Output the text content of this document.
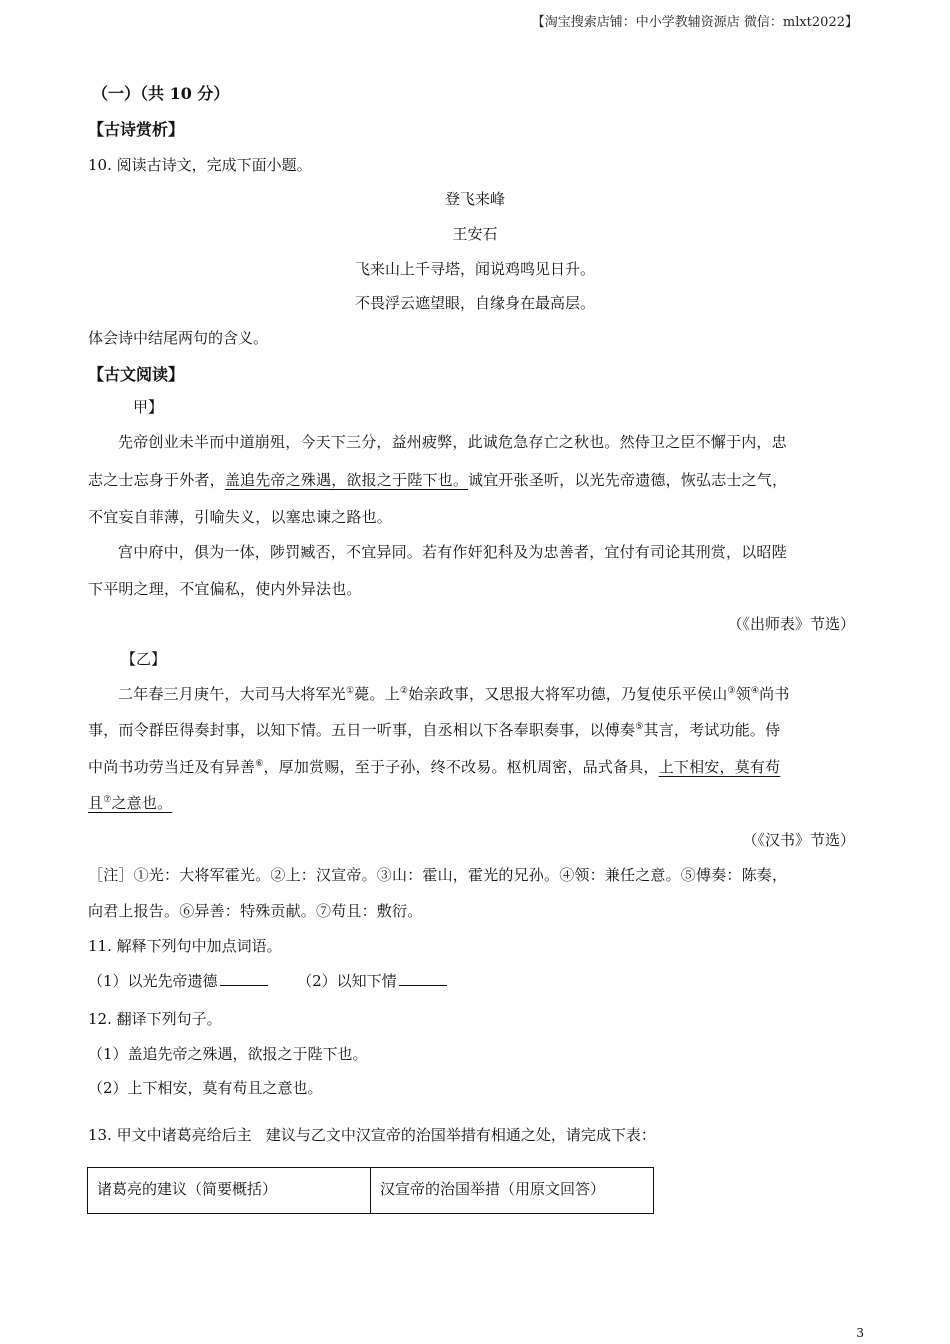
【淘宝搜索店铺：中小学教辅资源店 微信：mlxt2022】
（一）（共 10 分）
【古诗赏析】
10. 阅读古诗文，完成下面小题。
登飞来峰
王安石
飞来山上千寻塔，闻说鸡鸣见日升。
不畏浮云遮望眼，自缘身在最高层。
体会诗中结尾两句的含义。
【古文阅读】
甲】
先帝创业未半而中道崩殂，今天下三分，益州疲弊，此诚危急存亡之秋也。然侍卫之臣不懈于内，忠
志之士忘身于外者，盖追先帝之殊遇，欲报之于陛下也。诚宜开张圣听，以光先帝遗德，恢弘志士之气，
不宜妄自菲薄，引喻失义，以塞忠谏之路也。
宫中府中，俱为一体，陟罚臧否，不宜异同。若有作奸犯科及为忠善者，宜付有司论其刑赏，以昭陛
下平明之理，不宜偏私，使内外异法也。
（《出师表》节选）
【乙】
二年春三月庚午，大司马大将军光①薨。上②始亲政事，又思报大将军功德，乃复使乐平侯山③领④尚书
事，而令群臣得奏封事，以知下情。五日一听事，自丞相以下各奉职奏事，以傅奏⑤其言，考试功能。侍
中尚书功劳当迁及有异善⑥，厚加赏赐，至于子孙，终不改易。枢机周密，品式备具，上下相安，莫有苟
且⑦之意也。
（《汉书》节选）
［注］①光：大将军霍光。②上：汉宣帝。③山：霍山，霍光的兄孙。④领：兼任之意。⑤傅奏：陈奏，
向君上报告。⑥异善：特殊贡献。⑦苟且：敷衍。
11. 解释下列句中加点词语。
（1）以光先帝遗德	（2）以知下情
12. 翻译下列句子。
（1）盖追先帝之殊遇，欲报之于陛下也。
（2）上下相安，莫有苟且之意也。
13. 甲文中诸葛亮给后主   建议与乙文中汉宣帝的治国举措有相通之处，请完成下表：
诸葛亮的建议（简要概括）	汉宣帝的治国举措（用原文回答）
3
